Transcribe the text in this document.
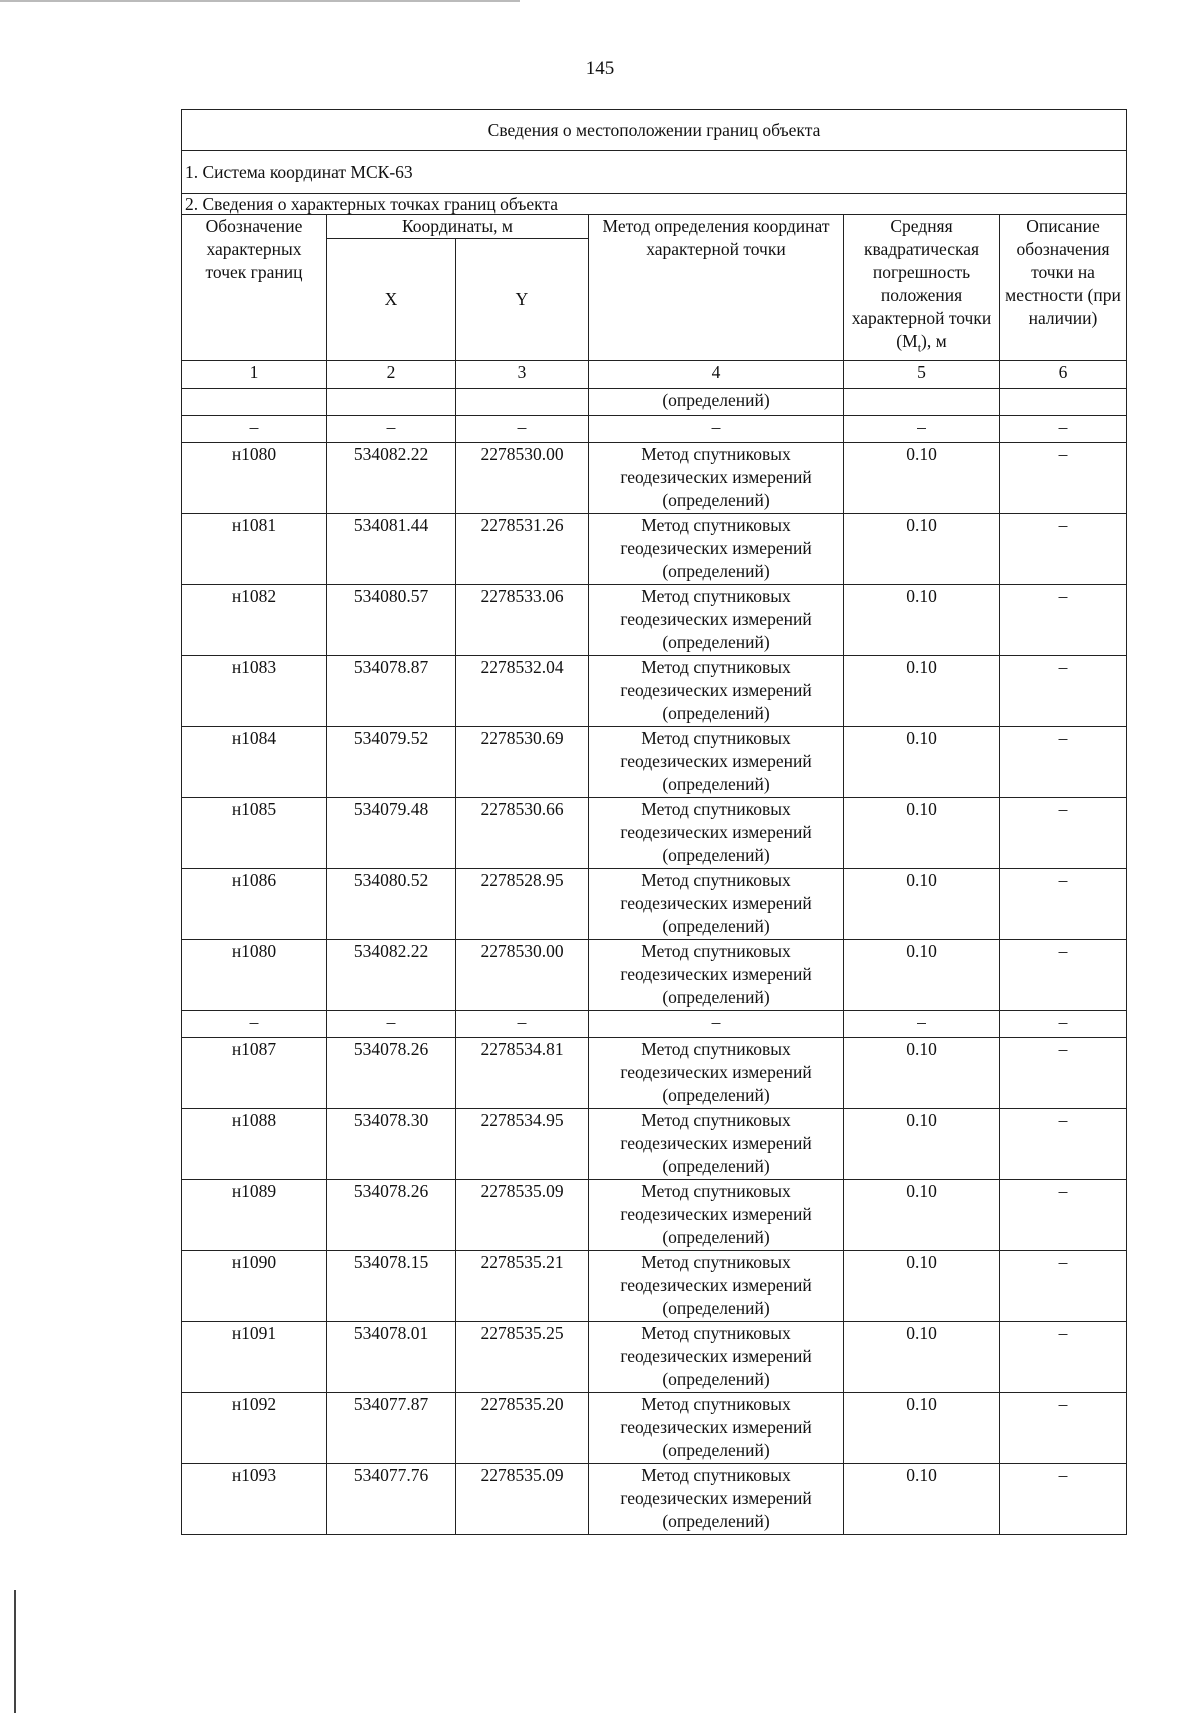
145
Сведения о местоположении границ объекта					
1. Система координат МСК-63					
2. Сведения о характерных точках границ объекта					
Обозначение характерных точек границ	Координаты, м		Метод определения координат характерной точки	Средняя квадратическая погрешность положения характерной точки $(M_t)$, м	Описание обозначения точки на местности (при наличии)
	X	Y			
1	2	3	4	5	6
			(определений)		
–	–	–	–	–	–
н1080	534082.22	2278530.00	Метод спутниковых геодезических измерений (определений)	0.10	–
н1081	534081.44	2278531.26	Метод спутниковых геодезических измерений (определений)	0.10	–
н1082	534080.57	2278533.06	Метод спутниковых геодезических измерений (определений)	0.10	–
н1083	534078.87	2278532.04	Метод спутниковых геодезических измерений (определений)	0.10	–
н1084	534079.52	2278530.69	Метод спутниковых геодезических измерений (определений)	0.10	–
н1085	534079.48	2278530.66	Метод спутниковых геодезических измерений (определений)	0.10	–
н1086	534080.52	2278528.95	Метод спутниковых геодезических измерений (определений)	0.10	–
н1080	534082.22	2278530.00	Метод спутниковых геодезических измерений (определений)	0.10	–
–	–	–	–	–	–
н1087	534078.26	2278534.81	Метод спутниковых геодезических измерений (определений)	0.10	–
н1088	534078.30	2278534.95	Метод спутниковых геодезических измерений (определений)	0.10	–
н1089	534078.26	2278535.09	Метод спутниковых геодезических измерений (определений)	0.10	–
н1090	534078.15	2278535.21	Метод спутниковых геодезических измерений (определений)	0.10	–
н1091	534078.01	2278535.25	Метод спутниковых геодезических измерений (определений)	0.10	–
н1092	534077.87	2278535.20	Метод спутниковых геодезических измерений (определений)	0.10	–
н1093	534077.76	2278535.09	Метод спутниковых геодезических измерений (определений)	0.10	–
